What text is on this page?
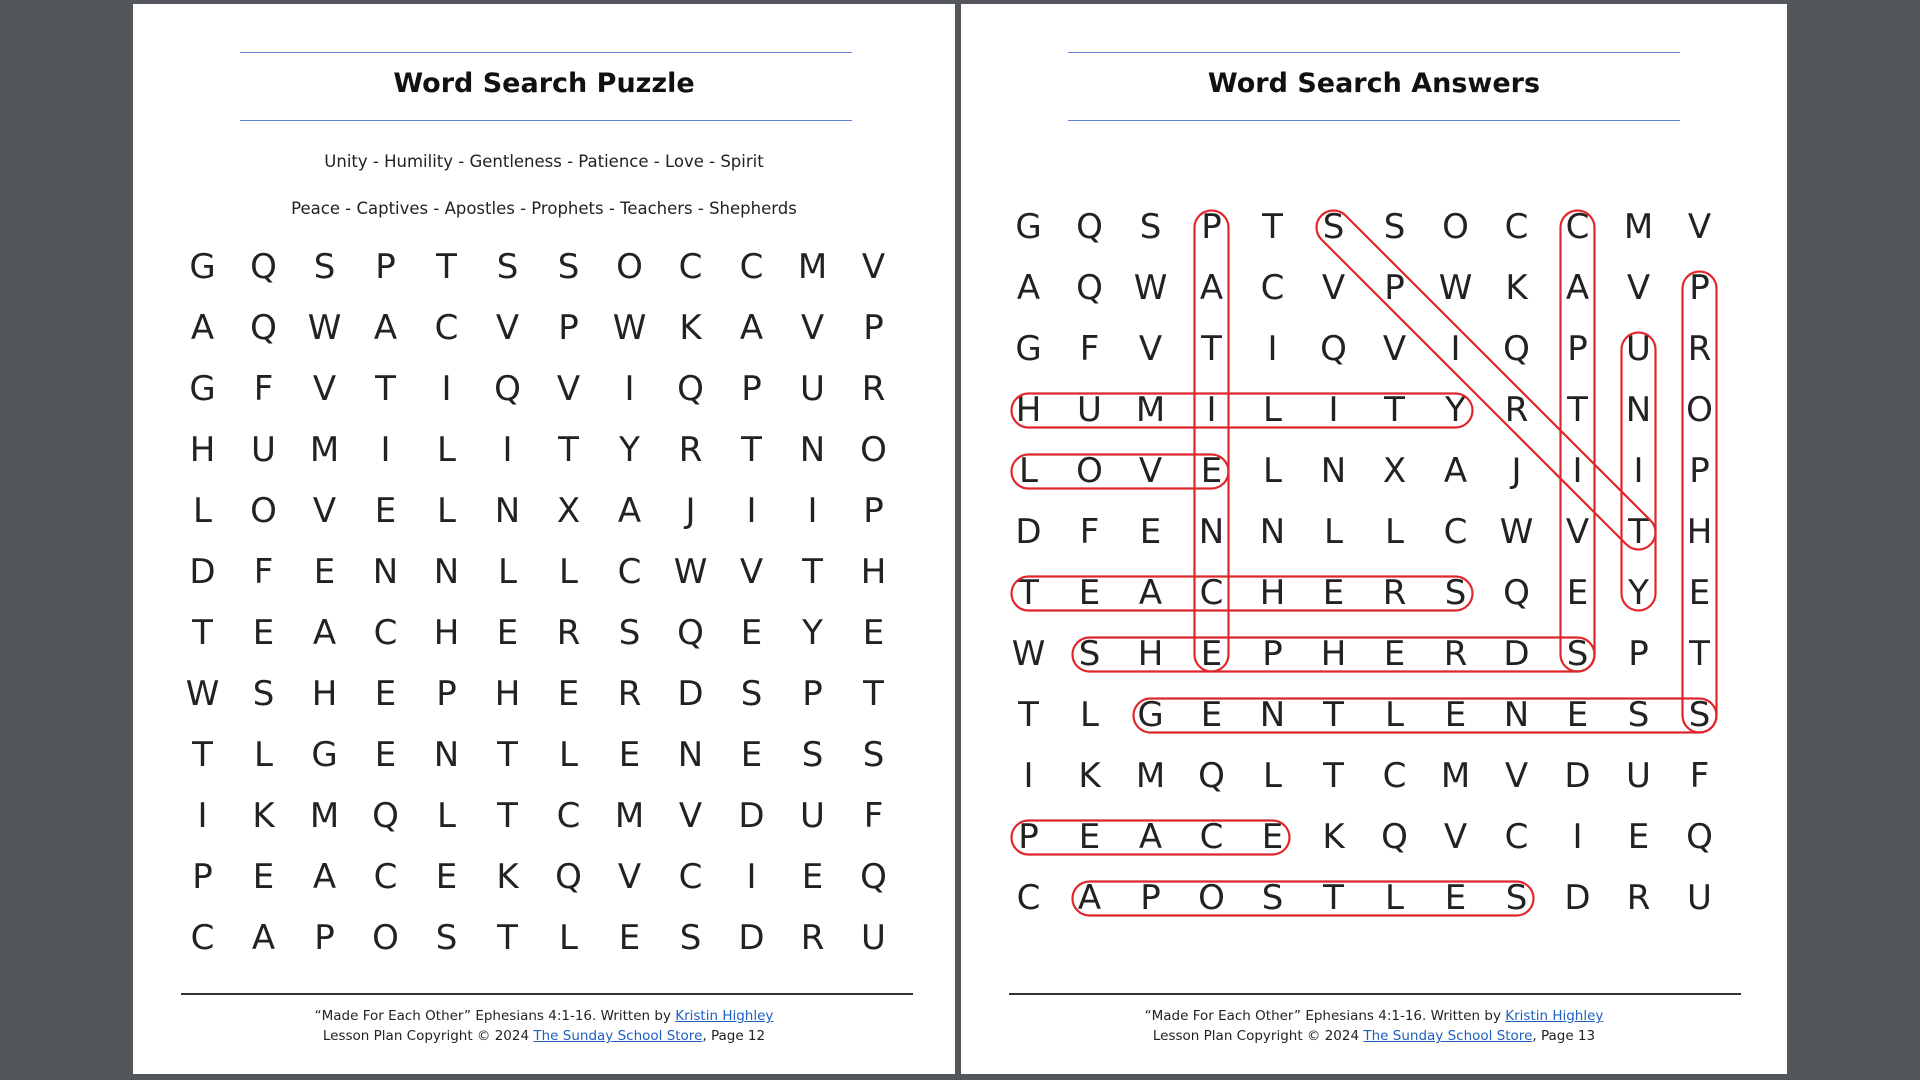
Word Search Puzzle
Unity - Humility - Gentleness - Patience - Love - Spirit
Peace - Captives - Apostles - Prophets - Teachers - Shepherds
G	Q	S	P	T	S	S	O	C	C	M	V
A	Q W A	C	V	P W K	A	V	P
G	F	V	T	I	Q	V	I	Q	P	U	R
H	U M	I	L	I	T	Y	R	T	N	O
L	O	V	E	L	N	X	A	J	I	I	P
D	F	E	N	N	L	L	C W V	T	H
T	E	A	C	H	E	R	S	Q	E	Y	E
W S	H	E	P	H	E	R	D	S	P	T
T	L	G	E	N	T	L	E	N	E	S	S
I	K	M Q	L	T	C	M	V	D	U	F
P	E	A	C	E	K	Q	V	C	I	E	Q
C	A	P	O	S	T	L	E	S	D	R	U
“Made For Each Other” Ephesians 4:1-16. Written by Kristin Highley
Lesson Plan Copyright © 2024 The Sunday School Store, Page 12
Word Search Answers
G	Q	S	P	T	S	S	O	C	C	M	V
A	Q W A	C	V	P W K	A	V	P
G	F	V	T	I	Q	V	I	Q	P	U	R
H	U M	I	L	I	T	Y	R	T	N	O
L	O	V	E	L	N	X	A	J	I	I	P
D	F	E	N	N	L	L	C W V	T	H
T	E	A	C	H	E	R	S	Q	E	Y	E
W S	H	E	P	H	E	R	D	S	P	T
T	L	G	E	N	T	L	E	N	E	S	S
I	K	M Q	L	T	C	M	V	D	U	F
P	E	A	C	E	K	Q	V	C	I	E	Q
C	A	P	O	S	T	L	E	S	D	R	U
“Made For Each Other” Ephesians 4:1-16. Written by Kristin Highley
Lesson Plan Copyright © 2024 The Sunday School Store, Page 13
